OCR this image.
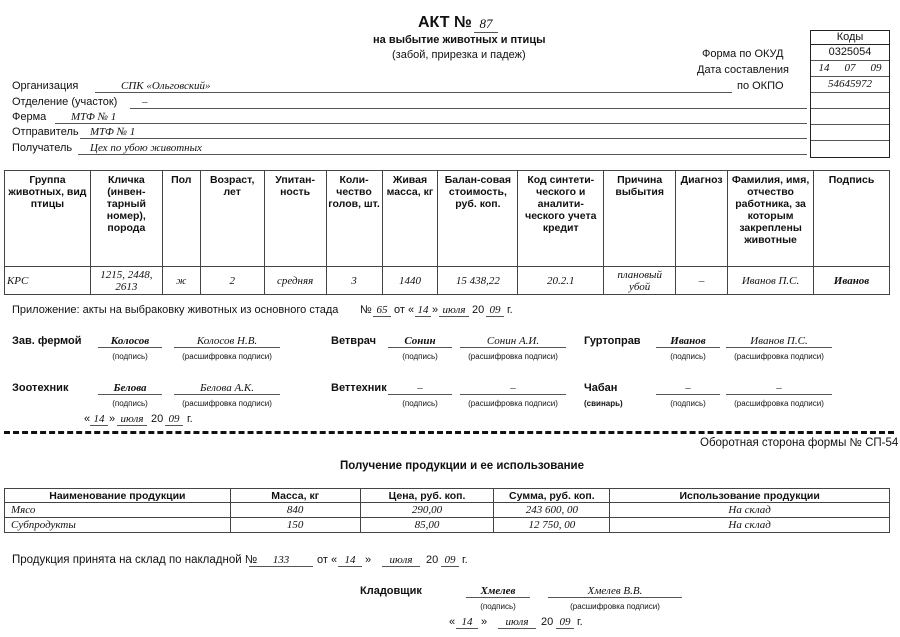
АКТ № 87
на выбытие животных и птицы
(забой, прирезка и падеж)	Форма по ОКУД
Дата составления
по ОКПО
Коды
0325054
14 07 09
54645972
Организация	СПК «Ольговский»
Отделение (участок)	–
Ферма	МТФ № 1
Отправитель	МТФ № 1
Получатель	Цех по убою животных
Группа животных, вид птицы	Кличка (инвен-тарный номер), порода	Пол	Возраст, лет	Упитан-ность	Коли-чество голов, шт.	Живая масса, кг	Балан-совая стоимость, руб. коп.	Код синтети-ческого и аналити-ческого учета кредит	Причина выбытия	Диагноз	Фамилия, имя, отчество работника, за которым закреплены животные	Подпись
КРС	1215, 2448, 2613	ж	2	средняя	3	1440	15 438,22	20.2.1	плановый убой	–	Иванов П.С.	Иванов
Приложение: акты на выбраковку животных из основного стада № 65 от « 14 » июля 20 09 г.
Зав. фермой	Колосов
(подпись)
Колосов Н.В.
(расшифровка подписи)
Ветврач	Сонин
(подпись)
Сонин А.И.
(расшифровка подписи)
Гуртоправ	Иванов
(подпись)
Иванов П.С.
(расшифровка подписи)
Зоотехник	Белова
(подпись)
Белова А.К.
(расшифровка подписи)
Веттехник	–
(подпись)
–
(расшифровка подписи)
Чабан
(свинарь)
–
(подпись)
–
(расшифровка подписи)
« 14 » июля 20 09 г.
Оборотная сторона формы № СП-54
Получение продукции и ее использование
Наименование продукции	Масса, кг	Цена, руб. коп.	Сумма, руб. коп.	Использование продукции
Мясо	840	290,00	243 600, 00	На склад
Субпродукты	150	85,00	12 750, 00	На склад
Продукция принята на склад по накладной №	133	от « 14 »	июля	20 09 г.
Кладовщик	Хмелев
(подпись)
Хмелев В.В.
(расшифровка подписи)
« 14 »	июля	20 09 г.
